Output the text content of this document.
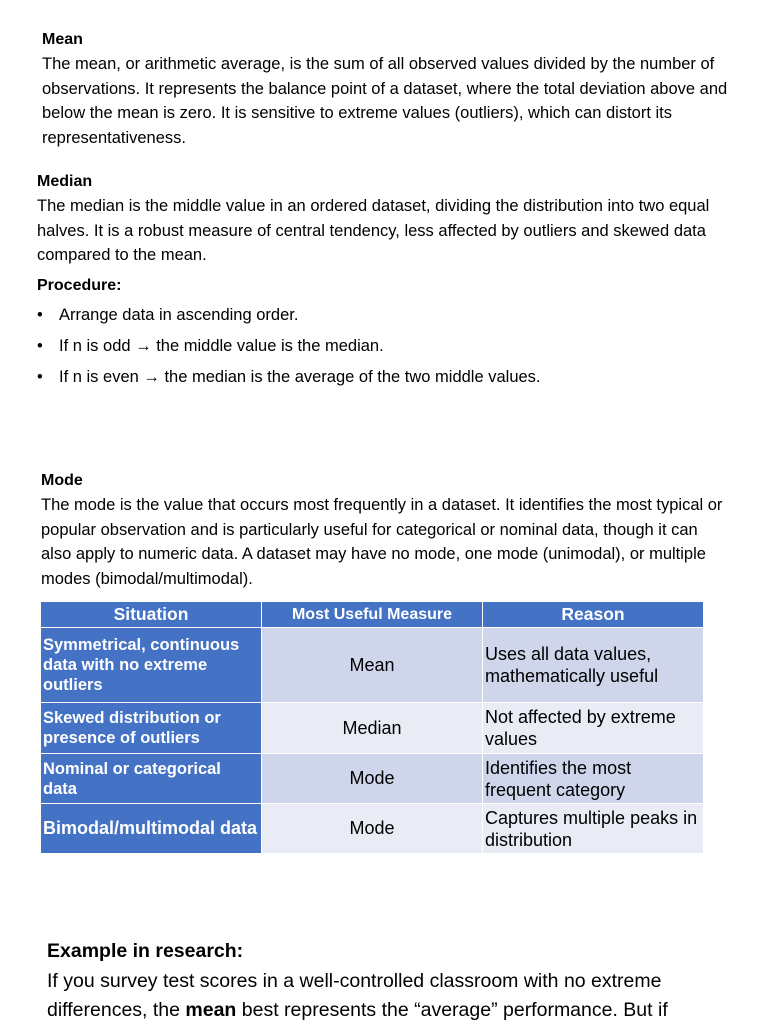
Mean
The mean, or arithmetic average, is the sum of all observed values divided by the number of observations. It represents the balance point of a dataset, where the total deviation above and below the mean is zero. It is sensitive to extreme values (outliers), which can distort its representativeness.
Median
The median is the middle value in an ordered dataset, dividing the distribution into two equal halves. It is a robust measure of central tendency, less affected by outliers and skewed data compared to the mean.
Procedure:
• Arrange data in ascending order.
• If n is odd → the middle value is the median.
• If n is even → the median is the average of the two middle values.
Mode
The mode is the value that occurs most frequently in a dataset. It identifies the most typical or popular observation and is particularly useful for categorical or nominal data, though it can also apply to numeric data. A dataset may have no mode, one mode (unimodal), or multiple modes (bimodal/multimodal).
Situation	Most Useful Measure	Reason
Symmetrical, continuous data with no extreme outliers	Mean	Uses all data values, mathematically useful
Skewed distribution or presence of outliers	Median	Not affected by extreme values
Nominal or categorical data	Mode	Identifies the most frequent category
Bimodal/multimodal data	Mode	Captures multiple peaks in distribution
Example in research:
If you survey test scores in a well-controlled classroom with no extreme
differences, the mean best represents the “average” performance. But if
